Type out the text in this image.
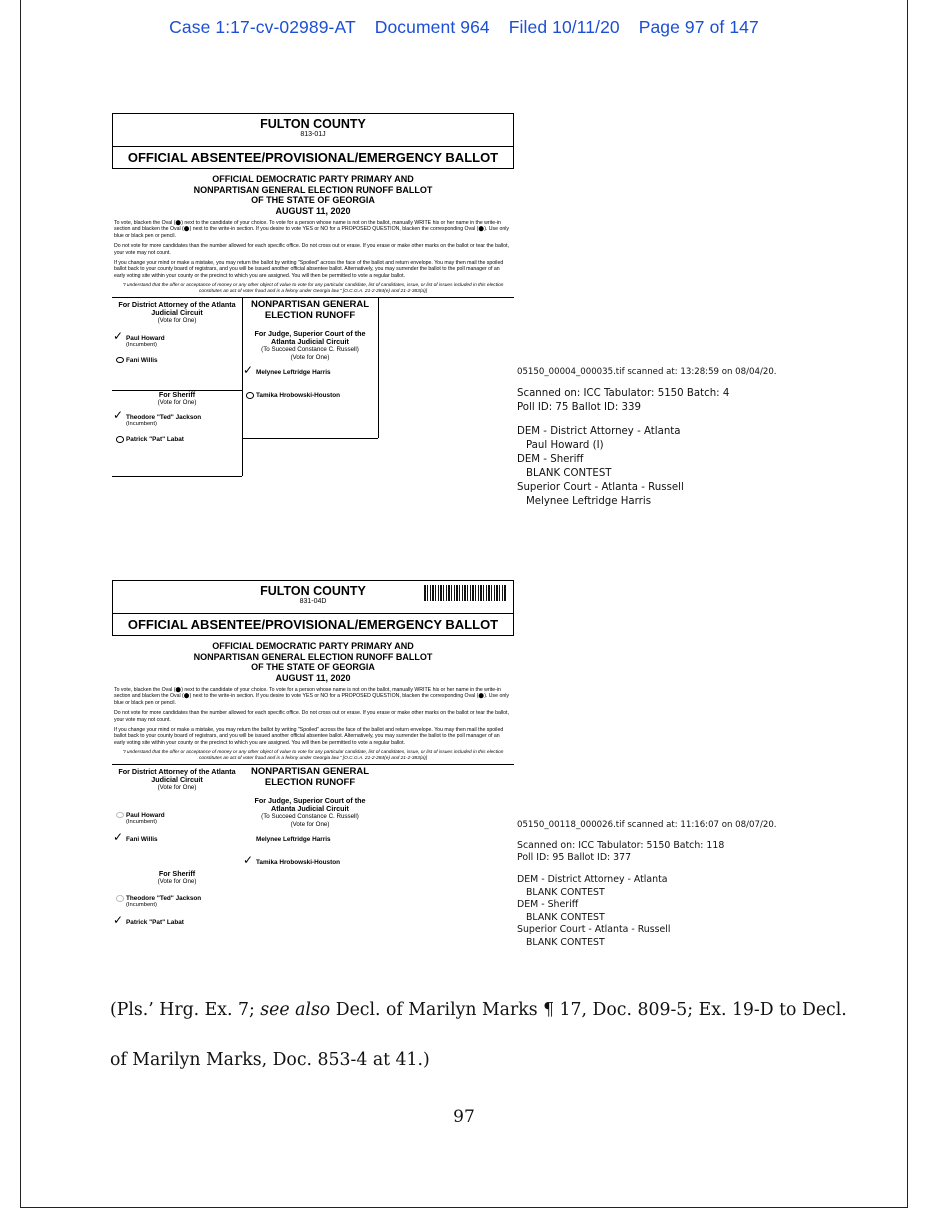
Case 1:17-cv-02989-AT Document 964 Filed 10/11/20 Page 97 of 147
FULTON COUNTY
813-01J
OFFICIAL ABSENTEE/PROVISIONAL/EMERGENCY BALLOT
OFFICIAL DEMOCRATIC PARTY PRIMARY AND
NONPARTISAN GENERAL ELECTION RUNOFF BALLOT
OF THE STATE OF GEORGIA
AUGUST 11, 2020

To vote, blacken the Oval (⬤) next to the candidate of your choice. To vote for a person whose name is not on the ballot, manually WRITE his or her name in the write-in section and blacken the Oval (⬤) next to the write-in section. If you desire to vote YES or NO for a PROPOSED QUESTION, blacken the corresponding Oval (⬤). Use only blue or black pen or pencil.

Do not vote for more candidates than the number allowed for each specific office. Do not cross out or erase. If you erase or make other marks on the ballot or tear the ballot, your vote may not count.

If you change your mind or make a mistake, you may return the ballot by writing "Spoiled" across the face of the ballot and return envelope. You may then mail the spoiled ballot back to your county board of registrars, and you will be issued another official absentee ballot. Alternatively, you may surrender the ballot to the poll manager of an early voting site within your county or the precinct to which you are assigned. You will then be permitted to vote a regular ballot.

"I understand that the offer or acceptance of money or any other object of value to vote for any particular candidate, list of candidates, issue, or list of issues included in this election constitutes an act of voter fraud and is a felony under Georgia law." [O.C.G.A. 21-2-284(e) and 21-2-383(a)]
For District Attorney of the Atlanta Judicial Circuit
(Vote for One)
✓ Paul Howard
(Incumbent)
Fani Willis
For Sheriff
(Vote for One)
✓ Theodore "Ted" Jackson
(Incumbent)
Patrick "Pat" Labat
NONPARTISAN GENERAL ELECTION RUNOFF
For Judge, Superior Court of the Atlanta Judicial Circuit
(To Succeed Constance C. Russell)
(Vote for One)
✓ Melynee Leftridge Harris
Tamika Hrobowski-Houston
05150_00004_000035.tif scanned at: 13:28:59 on 08/04/20.
Scanned on: ICC Tabulator: 5150 Batch: 4
Poll ID: 75 Ballot ID: 339
DEM - District Attorney - Atlanta
Paul Howard (I)
DEM - Sheriff
BLANK CONTEST
Superior Court - Atlanta - Russell
Melynee Leftridge Harris
FULTON COUNTY
831-04D
OFFICIAL ABSENTEE/PROVISIONAL/EMERGENCY BALLOT
OFFICIAL DEMOCRATIC PARTY PRIMARY AND
NONPARTISAN GENERAL ELECTION RUNOFF BALLOT
OF THE STATE OF GEORGIA
AUGUST 11, 2020

To vote, blacken the Oval (⬤) next to the candidate of your choice. To vote for a person whose name is not on the ballot, manually WRITE his or her name in the write-in section and blacken the Oval (⬤) next to the write-in section. If you desire to vote YES or NO for a PROPOSED QUESTION, blacken the corresponding Oval (⬤). Use only blue or black pen or pencil.

Do not vote for more candidates than the number allowed for each specific office. Do not cross out or erase. If you erase or make other marks on the ballot or tear the ballot, your vote may not count.

If you change your mind or make a mistake, you may return the ballot by writing "Spoiled" across the face of the ballot and return envelope. You may then mail the spoiled ballot back to your county board of registrars, and you will be issued another official absentee ballot. Alternatively, you may surrender the ballot to the poll manager of an early voting site within your county or the precinct to which you are assigned. You will then be permitted to vote a regular ballot.

"I understand that the offer or acceptance of money or any other object of value to vote for any particular candidate, list of candidates, issue, or list of issues included in this election constitutes an act of voter fraud and is a felony under Georgia law." [O.C.G.A. 21-2-284(e) and 21-2-383(a)]
For District Attorney of the Atlanta Judicial Circuit
(Vote for One)
Paul Howard
(Incumbent)
✓ Fani Willis
For Sheriff
(Vote for One)
Theodore "Ted" Jackson
(Incumbent)
✓ Patrick "Pat" Labat
NONPARTISAN GENERAL ELECTION RUNOFF
For Judge, Superior Court of the Atlanta Judicial Circuit
(To Succeed Constance C. Russell)
(Vote for One)
Melynee Leftridge Harris
✓ Tamika Hrobowski-Houston
05150_00118_000026.tif scanned at: 11:16:07 on 08/07/20.
Scanned on: ICC Tabulator: 5150 Batch: 118
Poll ID: 95 Ballot ID: 377
DEM - District Attorney - Atlanta
BLANK CONTEST
DEM - Sheriff
BLANK CONTEST
Superior Court - Atlanta - Russell
BLANK CONTEST
(Pls.’ Hrg. Ex. 7; see also Decl. of Marilyn Marks ¶ 17, Doc. 809-5; Ex. 19-D to Decl.
of Marilyn Marks, Doc. 853-4 at 41.)
97
